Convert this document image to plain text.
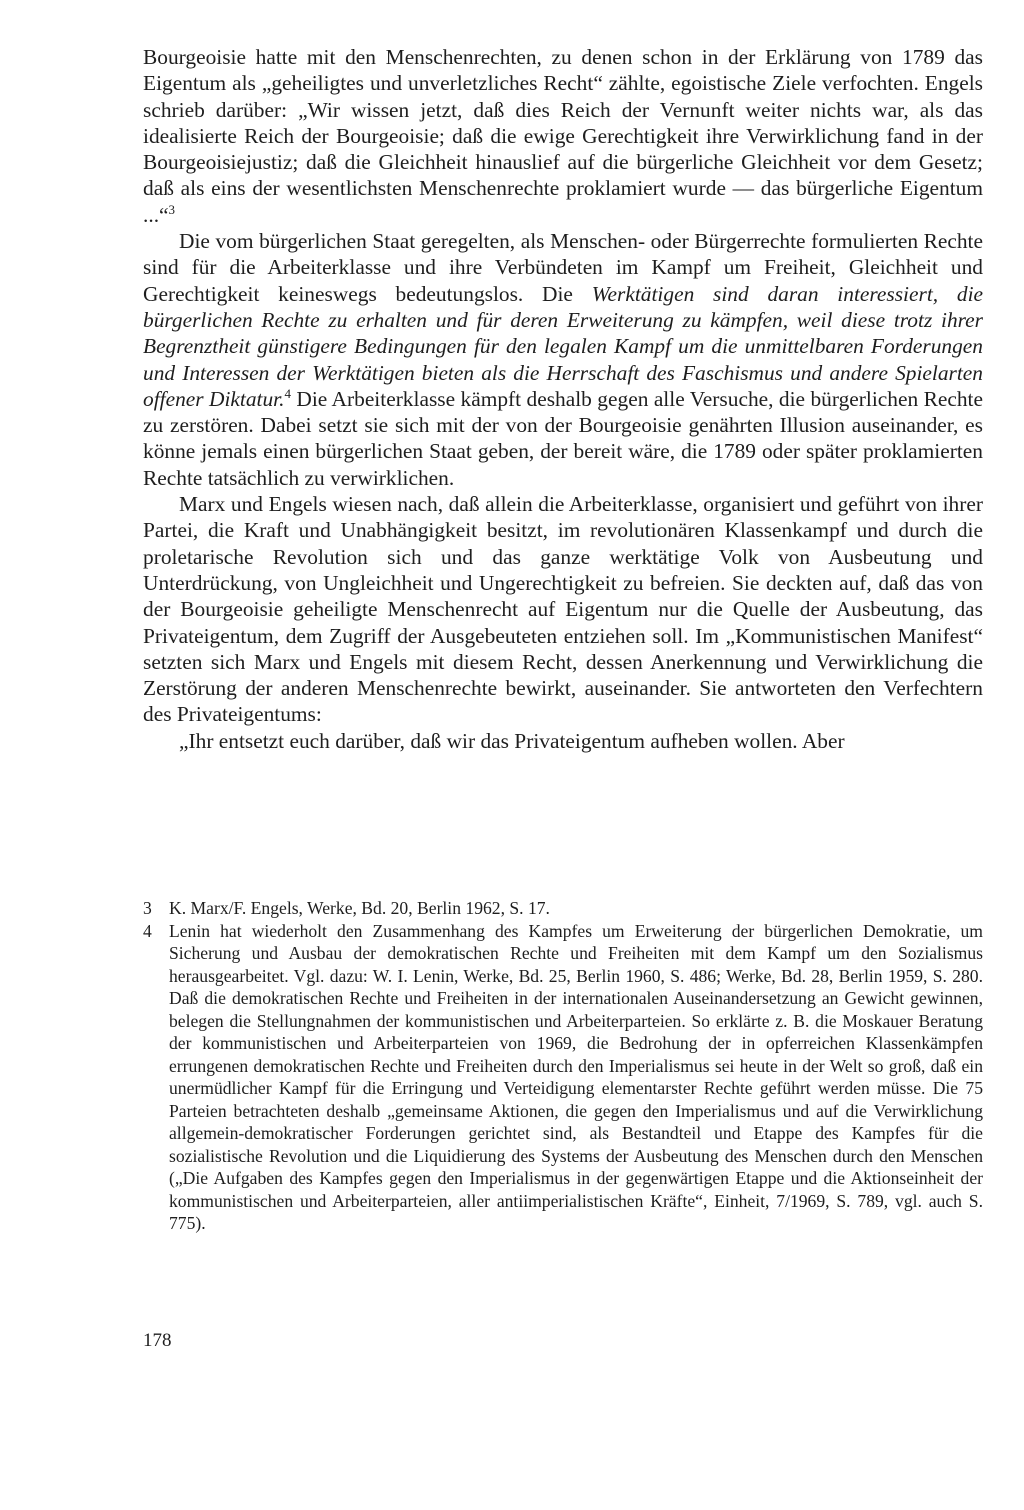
Bourgeoisie hatte mit den Menschenrechten, zu denen schon in der Erklärung von 1789 das Eigentum als „geheiligtes und unverletzliches Recht“ zählte, egoistische Ziele verfochten. Engels schrieb darüber: „Wir wissen jetzt, daß dies Reich der Vernunft weiter nichts war, als das idealisierte Reich der Bourgeoisie; daß die ewige Gerechtigkeit ihre Verwirklichung fand in der Bourgeoisiejustiz; daß die Gleichheit hinauslief auf die bürgerliche Gleichheit vor dem Gesetz; daß als eins der wesentlichsten Menschenrechte proklamiert wurde — das bürgerliche Eigentum ...“$^3$

Die vom bürgerlichen Staat geregelten, als Menschen- oder Bürgerrechte formulierten Rechte sind für die Arbeiterklasse und ihre Verbündeten im Kampf um Freiheit, Gleichheit und Gerechtigkeit keineswegs bedeutungslos. Die Werktätigen sind daran interessiert, die bürgerlichen Rechte zu erhalten und für deren Erweiterung zu kämpfen, weil diese trotz ihrer Begrenztheit günstigere Bedingungen für den legalen Kampf um die unmittelbaren Forderungen und Interessen der Werktätigen bieten als die Herrschaft des Faschismus und andere Spielarten offener Diktatur.$^4$ Die Arbeiterklasse kämpft deshalb gegen alle Versuche, die bürgerlichen Rechte zu zerstören. Dabei setzt sie sich mit der von der Bourgeoisie genährten Illusion auseinander, es könne jemals einen bürgerlichen Staat geben, der bereit wäre, die 1789 oder später proklamierten Rechte tatsächlich zu verwirklichen.

Marx und Engels wiesen nach, daß allein die Arbeiterklasse, organisiert und geführt von ihrer Partei, die Kraft und Unabhängigkeit besitzt, im revolutionären Klassenkampf und durch die proletarische Revolution sich und das ganze werktätige Volk von Ausbeutung und Unterdrückung, von Ungleichheit und Ungerechtigkeit zu befreien. Sie deckten auf, daß das von der Bourgeoisie geheiligte Menschenrecht auf Eigentum nur die Quelle der Ausbeutung, das Privateigentum, dem Zugriff der Ausgebeuteten entziehen soll. Im „Kommunistischen Manifest“ setzten sich Marx und Engels mit diesem Recht, dessen Anerkennung und Verwirklichung die Zerstörung der anderen Menschenrechte bewirkt, auseinander. Sie antworteten den Verfechtern des Privateigentums:

„Ihr entsetzt euch darüber, daß wir das Privateigentum aufheben wollen. Aber

3 K. Marx/F. Engels, Werke, Bd. 20, Berlin 1962, S. 17.
4 Lenin hat wiederholt den Zusammenhang des Kampfes um Erweiterung der bürgerlichen Demokratie, um Sicherung und Ausbau der demokratischen Rechte und Freiheiten mit dem Kampf um den Sozialismus herausgearbeitet. Vgl. dazu: W. I. Lenin, Werke, Bd. 25, Berlin 1960, S. 486; Werke, Bd. 28, Berlin 1959, S. 280. Daß die demokratischen Rechte und Freiheiten in der internationalen Auseinandersetzung an Gewicht gewinnen, belegen die Stellungnahmen der kommunistischen und Arbeiterparteien. So erklärte z. B. die Moskauer Beratung der kommunistischen und Arbeiterparteien von 1969, die Bedrohung der in opferreichen Klassenkämpfen errungenen demokratischen Rechte und Freiheiten durch den Imperialismus sei heute in der Welt so groß, daß ein unermüdlicher Kampf für die Erringung und Verteidigung elementarster Rechte geführt werden müsse. Die 75 Parteien betrachteten deshalb „gemeinsame Aktionen, die gegen den Imperialismus und auf die Verwirklichung allgemein-demokratischer Forderungen gerichtet sind, als Bestandteil und Etappe des Kampfes für die sozialistische Revolution und die Liquidierung des Systems der Ausbeutung des Menschen durch den Menschen („Die Aufgaben des Kampfes gegen den Imperialismus in der gegenwärtigen Etappe und die Aktionseinheit der kommunistischen und Arbeiterparteien, aller antiimperialistischen Kräfte“, Einheit, 7/1969, S. 789, vgl. auch S. 775).
178
